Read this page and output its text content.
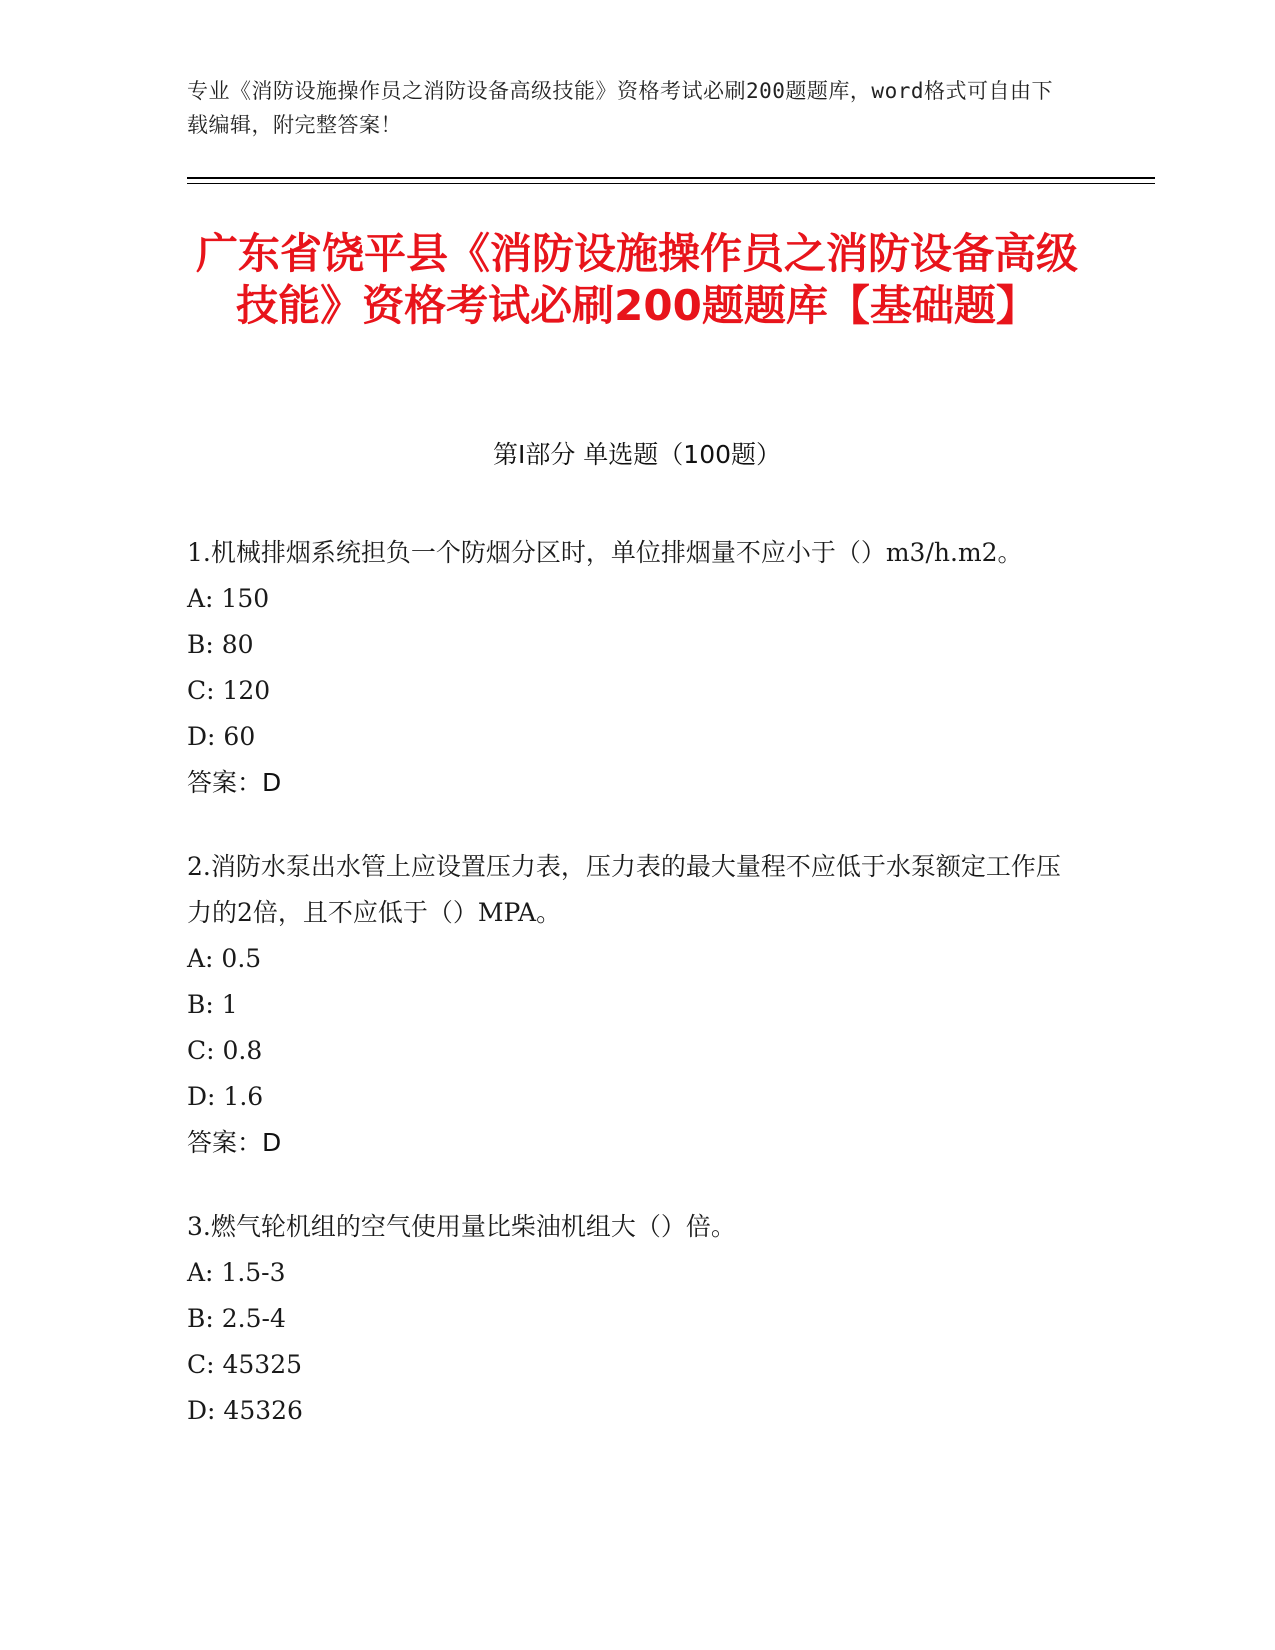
专业《消防设施操作员之消防设备高级技能》资格考试必刷200题题库，word格式可自由下载编辑，附完整答案！
广东省饶平县《消防设施操作员之消防设备高级技能》资格考试必刷200题题库【基础题】
第Ⅰ部分 单选题（100题）
1.机械排烟系统担负一个防烟分区时，单位排烟量不应小于（）m3/h.m2。
A: 150
B: 80
C: 120
D: 60
答案：D
2.消防水泵出水管上应设置压力表，压力表的最大量程不应低于水泵额定工作压力的2倍，且不应低于（）MPA。
A: 0.5
B: 1
C: 0.8
D: 1.6
答案：D
3.燃气轮机组的空气使用量比柴油机组大（）倍。
A: 1.5-3
B: 2.5-4
C: 45325
D: 45326
